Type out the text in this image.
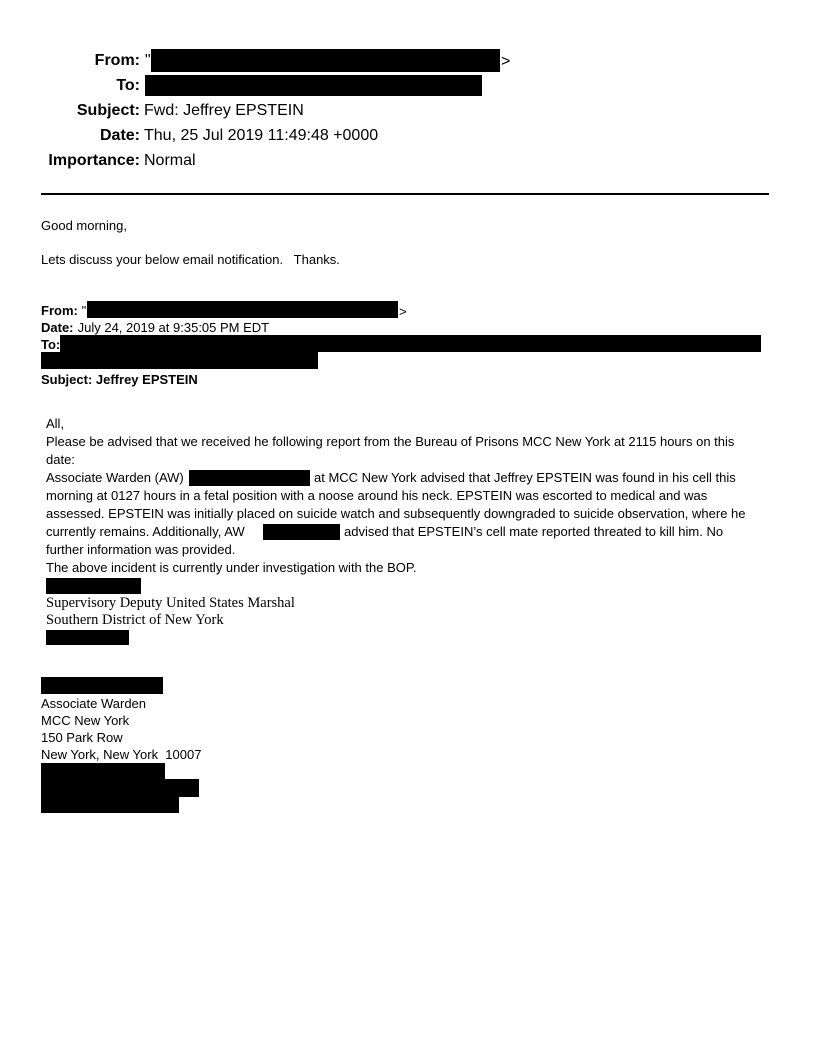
From: "	>
To:
Subject: Fwd: Jeffrey EPSTEIN
Date: Thu, 25 Jul 2019 11:49:48 +0000
Importance: Normal
Good morning,
Lets discuss your below email notification.   Thanks.
From: "	>
Date: July 24, 2019 at 9:35:05 PM EDT
To:
Subject: Jeffrey EPSTEIN
All,
Please be advised that we received he following report from the Bureau of Prisons MCC New York at 2115 hours on this
date:
Associate Warden (AW)	at MCC New York advised that Jeffrey EPSTEIN was found in his cell this
morning at 0127 hours in a fetal position with a noose around his neck. EPSTEIN was escorted to medical and was
assessed. EPSTEIN was initially placed on suicide watch and subsequently downgraded to suicide observation, where he
currently remains. Additionally, AW	advised that EPSTEIN’s cell mate reported threated to kill him. No
further information was provided.
The above incident is currently under investigation with the BOP.
Supervisory Deputy United States Marshal
Southern District of New York
Associate Warden
MCC New York
150 Park Row
New York, New York  10007
